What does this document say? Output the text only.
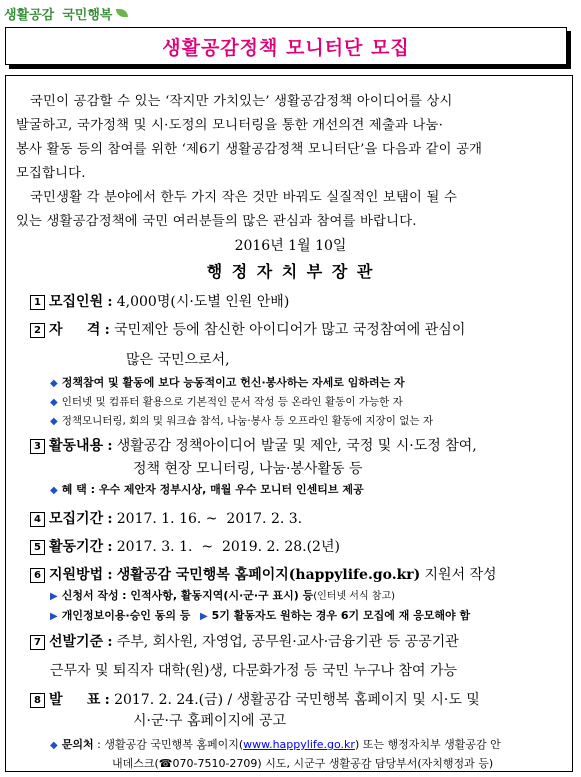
생활공감 국민행복
생활공감정책 모니터단 모집
국민이 공감할 수 있는 ‘작지만 가치있는’ 생활공감정책 아이디어를 상시
발굴하고, 국가정책 및 시·도정의 모니터링을 통한 개선의견 제출과 나눔·
봉사 활동 등의 참여를 위한 ‘제6기 생활공감정책 모니터단’을 다음과 같이 공개
모집합니다.
국민생활 각 분야에서 한두 가지 작은 것만 바꿔도 실질적인 보탬이 될 수
있는 생활공감정책에 국민 여러분들의 많은 관심과 참여를 바랍니다.
2016년 1월 10일
행 정 자 치 부 장 관
1 모집인원 : 4,000명(시·도별 인원 안배)
2 자     격 : 국민제안 등에 참신한 아이디어가 많고 국정참여에 관심이
많은 국민으로서,
◆ 정책참여 및 활동에 보다 능동적이고 헌신·봉사하는 자세로 임하려는 자
◆ 인터넷 및 컴퓨터 활용으로 기본적인 문서 작성 등 온라인 활동이 가능한 자
◆ 정책모니터링, 회의 및 워크숍 참석, 나눔·봉사 등 오프라인 활동에 지장이 없는 자
3 활동내용 : 생활공감 정책아이디어 발굴 및 제안, 국정 및 시·도정 참여,
정책 현장 모니터링, 나눔·봉사활동 등
◆ 혜 택 : 우수 제안자 정부시상, 매월 우수 모니터 인센티브 제공
4 모집기간 : 2017. 1. 16. ~  2017. 2. 3.
5 활동기간 : 2017. 3. 1.  ~  2019. 2. 28.(2년)
6 지원방법 : 생활공감 국민행복 홈페이지(happylife.go.kr) 지원서 작성
▶ 신청서 작성 : 인적사항, 활동지역(시·군·구 표시) 등(인터넷 서식 참고)
▶ 개인정보이용·승인 동의 등 ▶ 5기 활동자도 원하는 경우 6기 모집에 재 응모해야 함
7 선발기준 : 주부, 회사원, 자영업, 공무원·교사·금융기관 등 공공기관
근무자 및 퇴직자 대학(원)생, 다문화가정 등 국민 누구나 참여 가능
8 발     표 : 2017. 2. 24.(금) / 생활공감 국민행복 홈페이지 및 시·도 및
시·군·구 홈페이지에 공고
◆ 문의처 : 생활공감 국민행복 홈페이지(www.happylife.go.kr) 또는 행정자치부 생활공감 안
내데스크(☎070-7510-2709) 시도, 시군구 생활공감 담당부서(자치행정과 등)
